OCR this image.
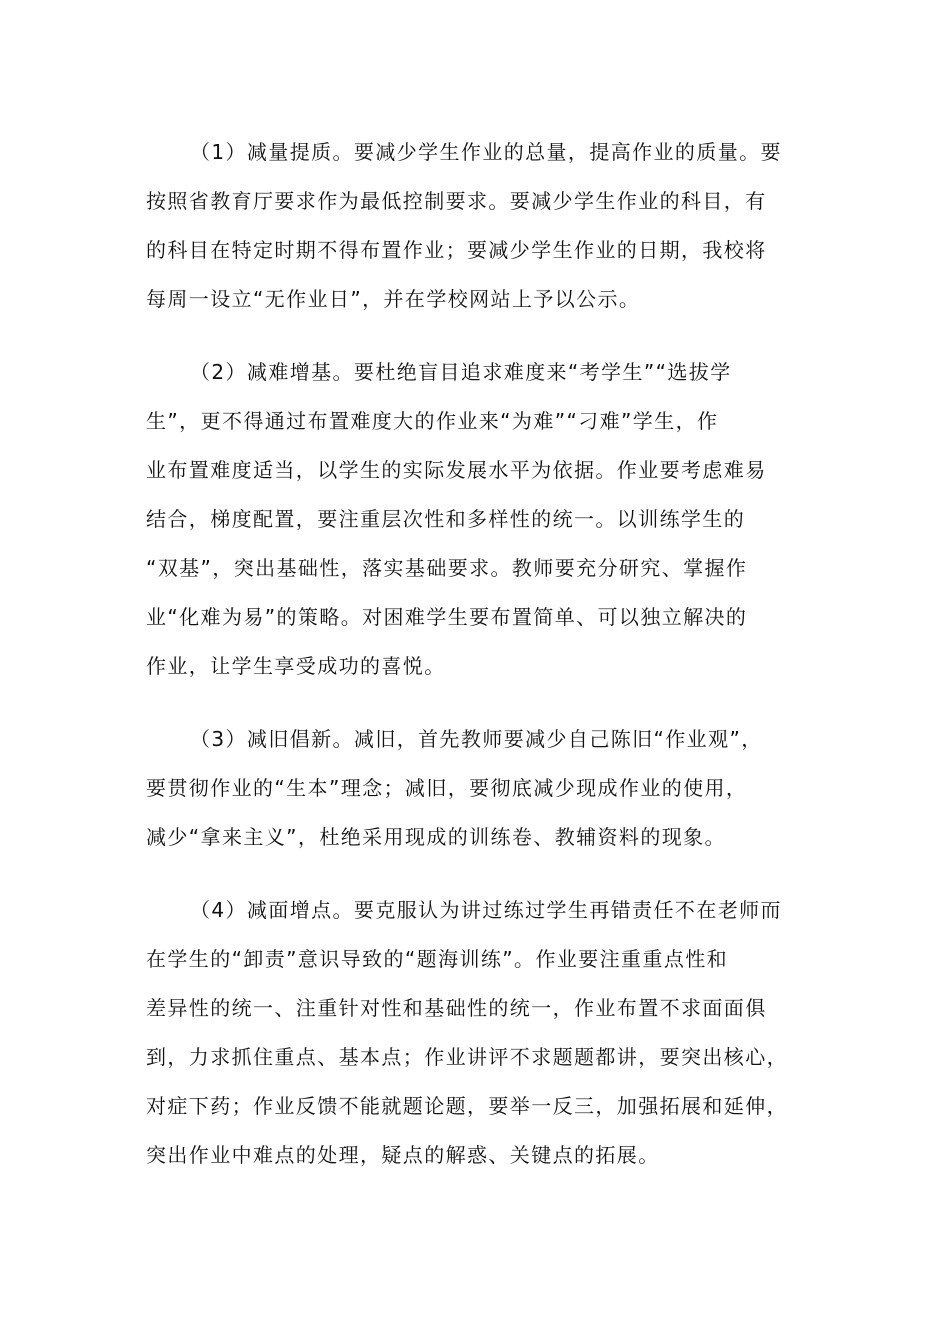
（1）减量提质。要减少学生作业的总量，提高作业的质量。要
按照省教育厅要求作为最低控制要求。要减少学生作业的科目，有
的科目在特定时期不得布置作业；要减少学生作业的日期，我校将
每周一设立“无作业日”，并在学校网站上予以公示。
（2）减难增基。要杜绝盲目追求难度来“考学生”“选拔学
生”，更不得通过布置难度大的作业来“为难”“刁难”学生，作
业布置难度适当，以学生的实际发展水平为依据。作业要考虑难易
结合，梯度配置，要注重层次性和多样性的统一。以训练学生的
“双基”，突出基础性，落实基础要求。教师要充分研究、掌握作
业“化难为易”的策略。对困难学生要布置简单、可以独立解决的
作业，让学生享受成功的喜悦。
（3）减旧倡新。减旧，首先教师要减少自己陈旧“作业观”，
要贯彻作业的“生本”理念；减旧，要彻底减少现成作业的使用，
减少“拿来主义”，杜绝采用现成的训练卷、教辅资料的现象。
（4）减面增点。要克服认为讲过练过学生再错责任不在老师而
在学生的“卸责”意识导致的“题海训练”。作业要注重重点性和
差异性的统一、注重针对性和基础性的统一，作业布置不求面面俱
到，力求抓住重点、基本点；作业讲评不求题题都讲，要突出核心，
对症下药；作业反馈不能就题论题，要举一反三，加强拓展和延伸，
突出作业中难点的处理，疑点的解惑、关键点的拓展。
